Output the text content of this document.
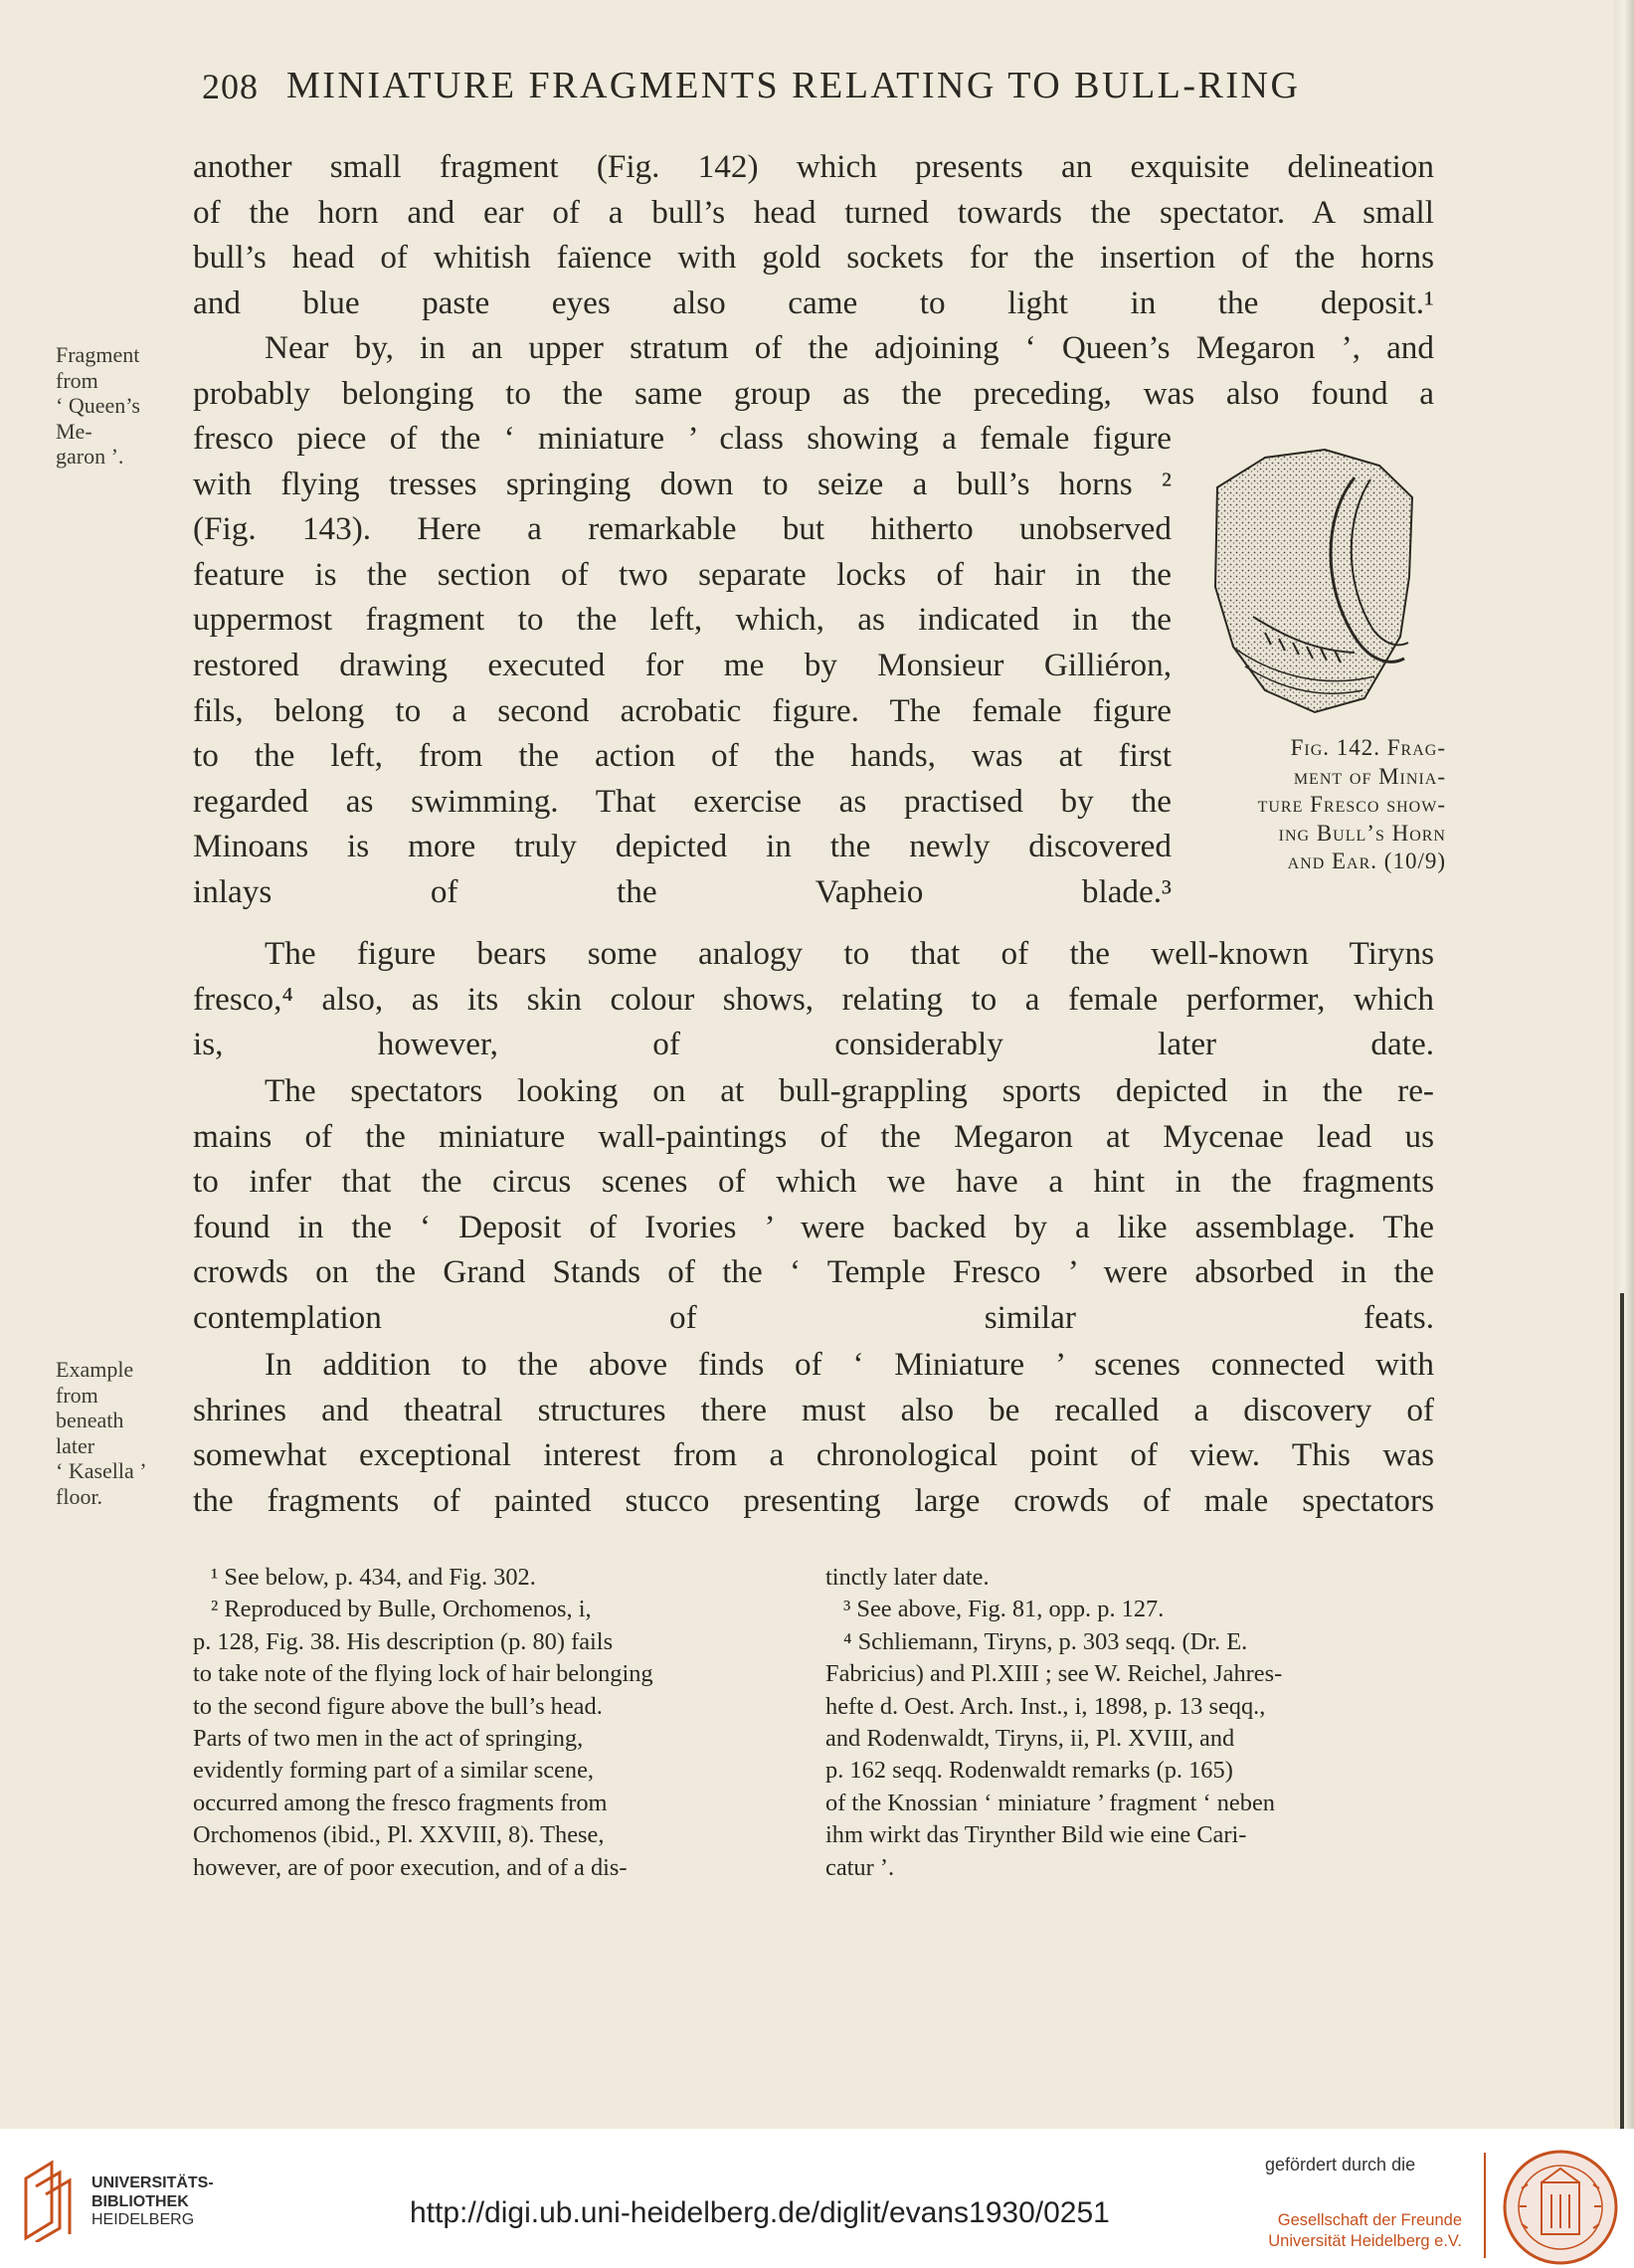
208 MINIATURE FRAGMENTS RELATING TO BULL-RING
another small fragment (Fig. 142) which presents an exquisite delineation
of the horn and ear of a bull’s head turned towards the spectator. A small
bull’s head of whitish faïence with gold sockets for the insertion of the horns
and blue paste eyes also came to light in the deposit.¹
Near by, in an upper stratum of the adjoining ‘ Queen’s Megaron ’, and
probably belonging to the same group as the preceding, was also found a
fresco piece of the ‘ miniature ’ class showing a female figure
with flying tresses springing down to seize a bull’s horns ²
(Fig. 143). Here a remarkable but hitherto unobserved
feature is the section of two separate locks of hair in the
uppermost fragment to the left, which, as indicated in the
restored drawing executed for me by Monsieur Gilliéron,
fils, belong to a second acrobatic figure. The female figure
to the left, from the action of the hands, was at first
regarded as swimming. That exercise as practised by the
Minoans is more truly depicted in the newly discovered
inlays of the Vapheio blade.³
The figure bears some analogy to that of the well-known Tiryns
fresco,⁴ also, as its skin colour shows, relating to a female performer, which
is, however, of considerably later date.
The spectators looking on at bull-grappling sports depicted in the re-
mains of the miniature wall-paintings of the Megaron at Mycenae lead us
to infer that the circus scenes of which we have a hint in the fragments
found in the ‘ Deposit of Ivories ’ were backed by a like assemblage. The
crowds on the Grand Stands of the ‘ Temple Fresco ’ were absorbed in the
contemplation of similar feats.
In addition to the above finds of ‘ Miniature ’ scenes connected with
shrines and theatral structures there must also be recalled a discovery of
somewhat exceptional interest from a chronological point of view. This was
the fragments of painted stucco presenting large crowds of male spectators
Fragment
from
‘ Queen’s
Me-
garon ’.
Example
from
beneath
later
‘ Kasella ’
floor.
Fig. 142. Frag-
ment of Minia-
ture Fresco show-
ing Bull’s Horn
and Ear. (10/9)
¹ See below, p. 434, and Fig. 302.
² Reproduced by Bulle, Orchomenos, i,
p. 128, Fig. 38. His description (p. 80) fails
to take note of the flying lock of hair belonging
to the second figure above the bull’s head.
Parts of two men in the act of springing,
evidently forming part of a similar scene,
occurred among the fresco fragments from
Orchomenos (ibid., Pl. XXVIII, 8). These,
however, are of poor execution, and of a dis-
tinctly later date.
³ See above, Fig. 81, opp. p. 127.
⁴ Schliemann, Tiryns, p. 303 seqq. (Dr. E.
Fabricius) and Pl.XIII ; see W. Reichel, Jahres-
hefte d. Oest. Arch. Inst., i, 1898, p. 13 seqq.,
and Rodenwaldt, Tiryns, ii, Pl. XVIII, and
p. 162 seqq. Rodenwaldt remarks (p. 165)
of the Knossian ‘ miniature ’ fragment ‘ neben
ihm wirkt das Tirynther Bild wie eine Cari-
catur ’.
UNIVERSITÄTS-
BIBLIOTHEK
HEIDELBERG	http://digi.ub.uni-heidelberg.de/diglit/evans1930/0251
gefördert durch die
Gesellschaft der Freunde
Universität Heidelberg e.V.
